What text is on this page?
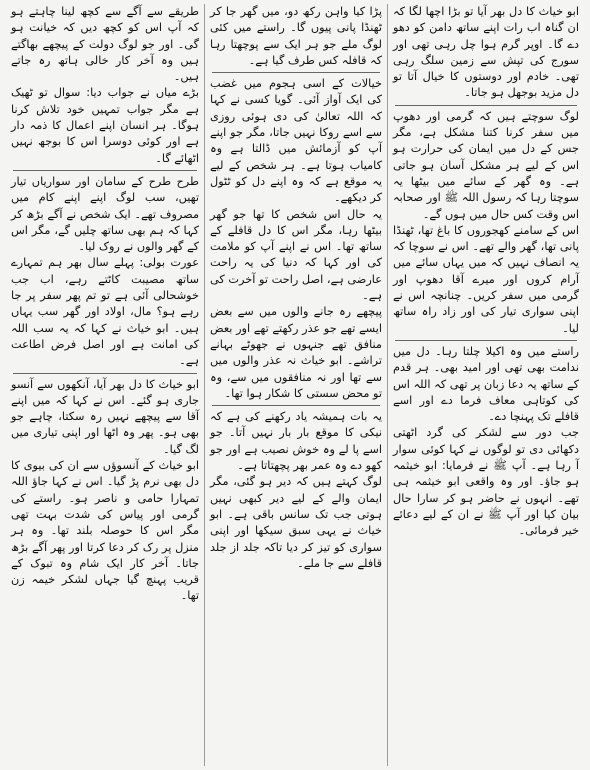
ابو خیاث کا دل بھر آیا تو بڑا اچھا لگا کہ ان گناہ اب رات اپنے ساتھ دامن کو دھو دے گا۔ اوپر گرم ہوا چل رہی تھی اور سورج کی تپش سے زمین سلگ رہی تھی۔ خادم اور دوستوں کا خیال آتا تو دل مزید بوجھل ہو جاتا۔

لوگ سوچتے ہیں کہ گرمی اور دھوپ میں سفر کرنا کتنا مشکل ہے، مگر جس کے دل میں ایمان کی حرارت ہو اس کے لیے ہر مشکل آسان ہو جاتی ہے۔ وہ گھر کے سائے میں بیٹھا یہ سوچتا رہا کہ رسول اللہ ﷺ اور صحابہ اس وقت کس حال میں ہوں گے۔

اس کے سامنے کھجوروں کا باغ تھا، ٹھنڈا پانی تھا، گھر والے تھے۔ اس نے سوچا کہ یہ انصاف نہیں کہ میں یہاں سائے میں آرام کروں اور میرے آقا دھوپ اور گرمی میں سفر کریں۔ چنانچہ اس نے اپنی سواری تیار کی اور زاد راہ ساتھ لیا۔

راستے میں وہ اکیلا چلتا رہا۔ دل میں ندامت بھی تھی اور امید بھی۔ ہر قدم کے ساتھ یہ دعا زبان پر تھی کہ اللہ اس کی کوتاہی معاف فرما دے اور اسے قافلے تک پہنچا دے۔

جب دور سے لشکر کی گرد اٹھتی دکھائی دی تو لوگوں نے کہا کوئی سوار آ رہا ہے۔ آپ ﷺ نے فرمایا: ابو خیثمہ ہو جاؤ۔ اور وہ واقعی ابو خیثمہ ہی تھے۔ انہوں نے حاضر ہو کر سارا حال بیان کیا اور آپ ﷺ نے ان کے لیے دعائے خیر فرمائی۔

پڑا کیا واہن رکھ دو، میں گھر جا کر ٹھنڈا پانی پیوں گا۔ راستے میں کئی لوگ ملے جو ہر ایک سے پوچھتا رہا کہ قافلہ کس طرف گیا ہے۔

خیالات کے اسی ہجوم میں غضب کی ایک آواز آئی۔ گویا کسی نے کہا کہ اللہ تعالیٰ کی دی ہوئی روزی سے اسے روکا نہیں جاتا، مگر جو اپنے آپ کو آزمائش میں ڈالتا ہے وہ کامیاب ہوتا ہے۔ ہر شخص کے لیے یہ موقع ہے کہ وہ اپنے دل کو ٹٹول کر دیکھے۔

یہ حال اس شخص کا تھا جو گھر بیٹھا رہا، مگر اس کا دل قافلے کے ساتھ تھا۔ اس نے اپنے آپ کو ملامت کی اور کہا کہ دنیا کی یہ راحت عارضی ہے، اصل راحت تو آخرت کی ہے۔

پیچھے رہ جانے والوں میں سے بعض ایسے تھے جو عذر رکھتے تھے اور بعض منافق تھے جنہوں نے جھوٹے بہانے تراشے۔ ابو خیاث نہ عذر والوں میں سے تھا اور نہ منافقوں میں سے، وہ تو محض سستی کا شکار ہوا تھا۔

یہ بات ہمیشہ یاد رکھنے کی ہے کہ نیکی کا موقع بار بار نہیں آتا۔ جو اسے پا لے وہ خوش نصیب ہے اور جو کھو دے وہ عمر بھر پچھتاتا ہے۔

لوگ کہتے ہیں کہ دیر ہو گئی، مگر ایمان والے کے لیے دیر کبھی نہیں ہوتی جب تک سانس باقی ہے۔ ابو خیاث نے یہی سبق سیکھا اور اپنی سواری کو تیز کر دیا تاکہ جلد از جلد قافلے سے جا ملے۔

طریقے سے آگے سے کچھ لینا چاہتے ہو کہ آپ اس کو کچھ دیں کہ خیانت ہو گی۔ اور جو لوگ دولت کے پیچھے بھاگتے ہیں وہ آخر کار خالی ہاتھ رہ جاتے ہیں۔

بڑے میاں نے جواب دیا: سوال تو ٹھیک ہے مگر جواب تمہیں خود تلاش کرنا ہوگا۔ ہر انسان اپنے اعمال کا ذمہ دار ہے اور کوئی دوسرا اس کا بوجھ نہیں اٹھائے گا۔

طرح طرح کے سامان اور سواریاں تیار تھیں، سب لوگ اپنے اپنے کام میں مصروف تھے۔ ایک شخص نے آگے بڑھ کر کہا کہ ہم بھی ساتھ چلیں گے، مگر اس کے گھر والوں نے روک لیا۔

عورت بولی: پہلے سال بھر ہم تمہارے ساتھ مصیبت کاٹتے رہے، اب جب خوشحالی آئی ہے تو تم پھر سفر پر جا رہے ہو؟ مال، اولاد اور گھر سب یہاں ہیں۔ ابو خیاث نے کہا کہ یہ سب اللہ کی امانت ہے اور اصل فرض اطاعت ہے۔

ابو خیاث کا دل بھر آیا، آنکھوں سے آنسو جاری ہو گئے۔ اس نے کہا کہ میں اپنے آقا سے پیچھے نہیں رہ سکتا، چاہے جو بھی ہو۔ پھر وہ اٹھا اور اپنی تیاری میں لگ گیا۔

ابو خیاث کے آنسوؤں سے ان کی بیوی کا دل بھی نرم پڑ گیا۔ اس نے کہا جاؤ اللہ تمہارا حامی و ناصر ہو۔ راستے کی گرمی اور پیاس کی شدت بہت تھی مگر اس کا حوصلہ بلند تھا۔ وہ ہر منزل پر رک کر دعا کرتا اور پھر آگے بڑھ جاتا۔ آخر کار ایک شام وہ تبوک کے قریب پہنچ گیا جہاں لشکر خیمہ زن تھا۔
